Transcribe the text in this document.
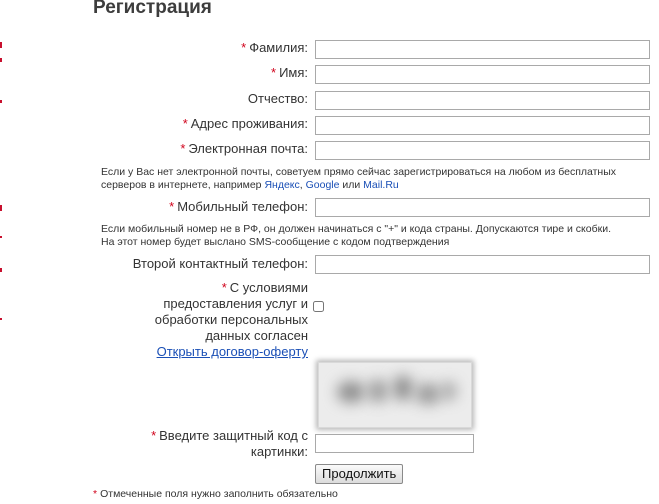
Регистрация
* Фамилия:
* Имя:
Отчество:
* Адрес проживания:
* Электронная почта:
Если у Вас нет электронной почты, советуем прямо сейчас зарегистрироваться на любом из бесплатных серверов в интернете, например Яндекс, Google или Mail.Ru
* Мобильный телефон:
Если мобильный номер не в РФ, он должен начинаться с "+" и кода страны. Допускаются тире и скобки.
На этот номер будет выслано SMS-сообщение с кодом подтверждения
Второй контактный телефон:
* С условиями предоставления услуг и обработки персональных данных согласен
Открыть договор-оферту
* Введите защитный код с картинки:
Продолжить
* Отмеченные поля нужно заполнить обязательно
